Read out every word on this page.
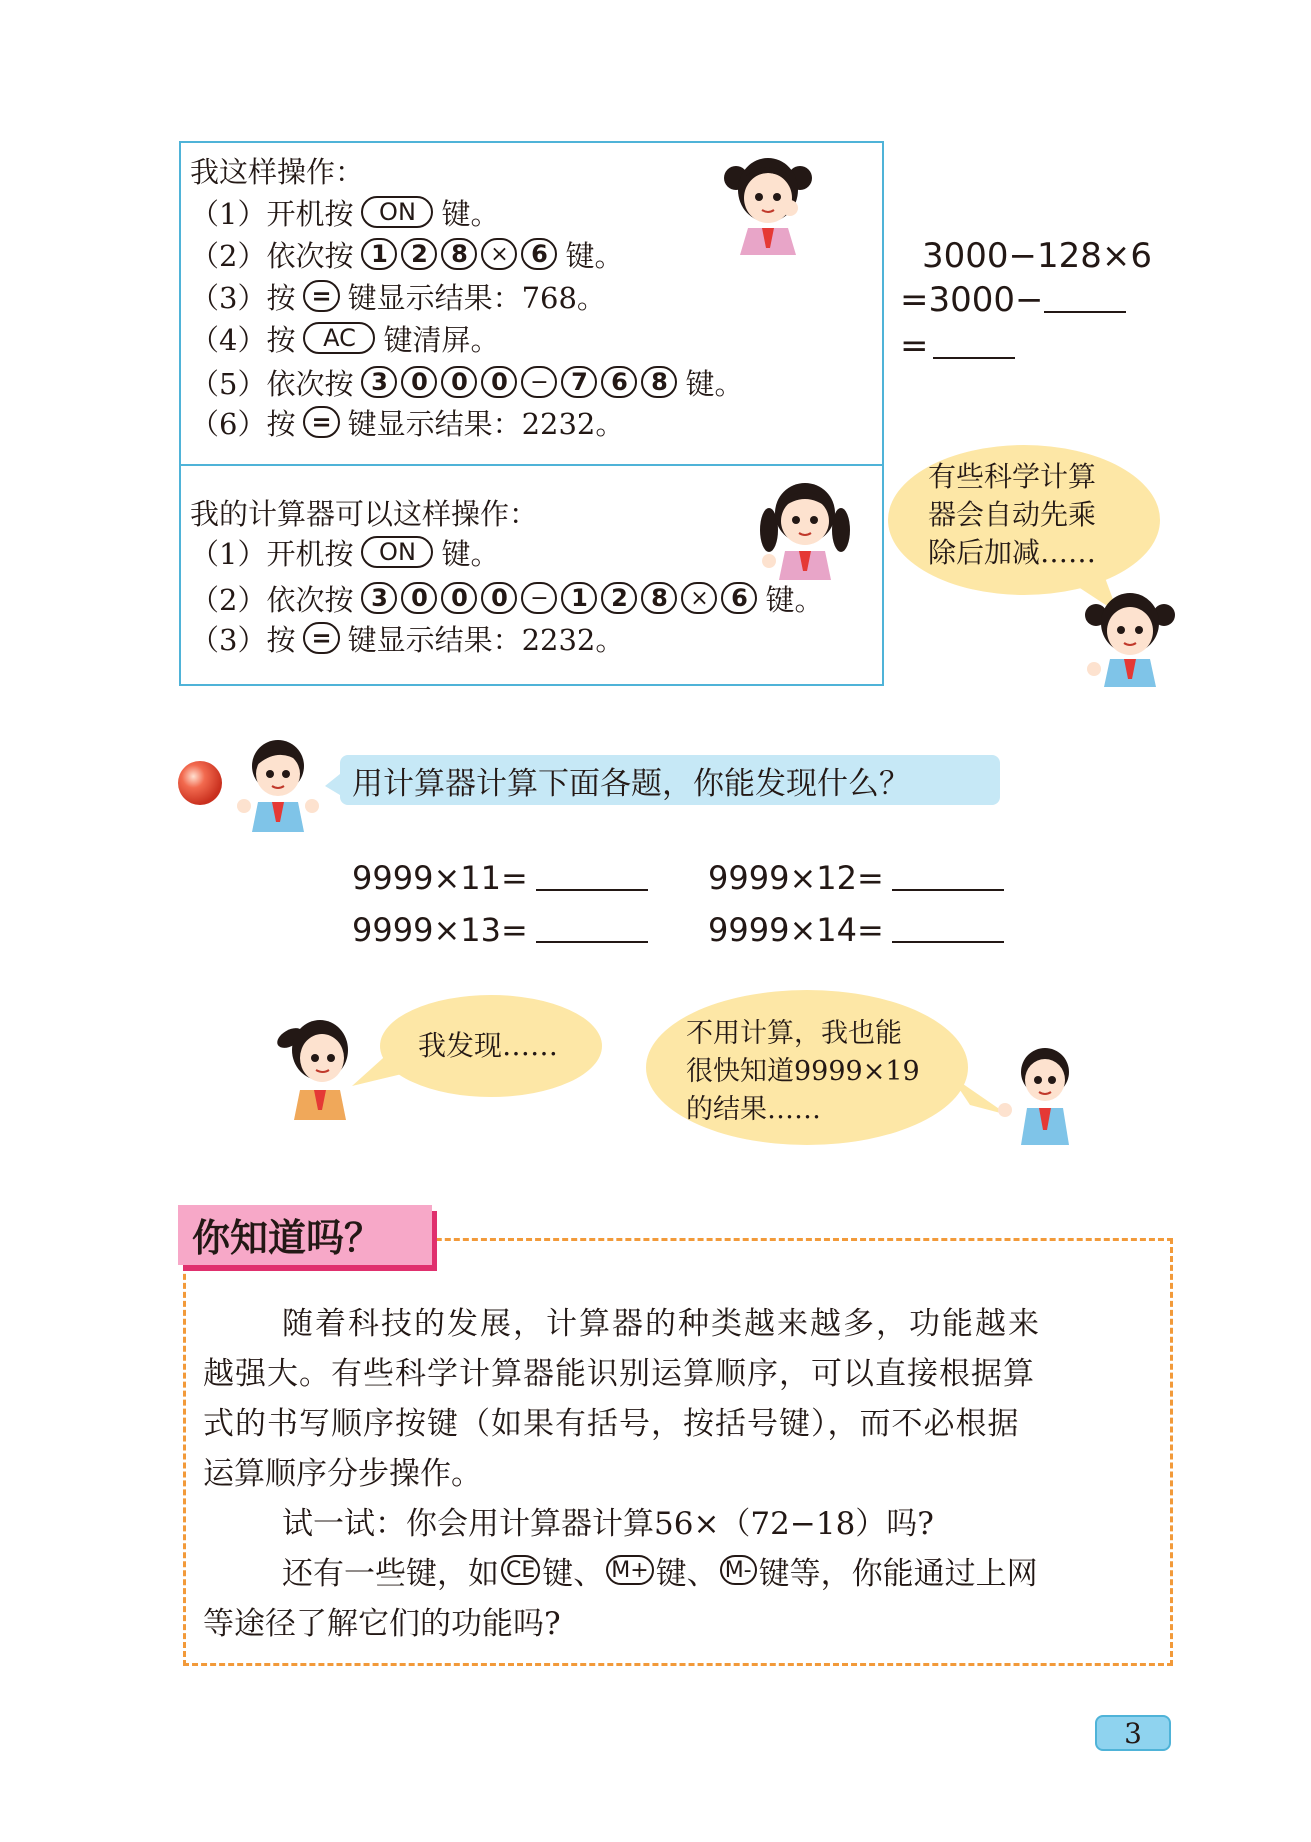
我这样操作：
（1） 开机按	ON 键。
（2） 依次按 1 2 8	× 6 键。
（3） 按 = 键显示结果：768。
（4） 按	AC 键清屏。
（5） 依次按 3 0 0 0	− 7 6 8 键。
（6） 按 = 键显示结果：2232。
我的计算器可以这样操作：
（1） 开机按	ON 键。
（2） 依次按 3 0 0 0	− 1 2 8	× 6 键。
（3） 按 = 键显示结果：2232。
3000−128×6
=3000−
=
有些科学计算
器会自动先乘
除后加减……
用计算器计算下面各题，你能发现什么？
9999×11=	9999×12=
9999×13=	9999×14=
我发现……	不用计算，我也能
很快知道9999×19
的结果……
你知道吗？
随着科技的发展，计算器的种类越来越多，功能越来
越强大。有些科学计算器能识别运算顺序，可以直接根据算
式的书写顺序按键（如果有括号，按括号键），而不必根据
运算顺序分步操作。
试一试：你会用计算器计算56×（72−18）吗?
还有一些键，如 CE 键、 M+ 键、 M- 键等，你能通过上网
等途径了解它们的功能吗?
3
